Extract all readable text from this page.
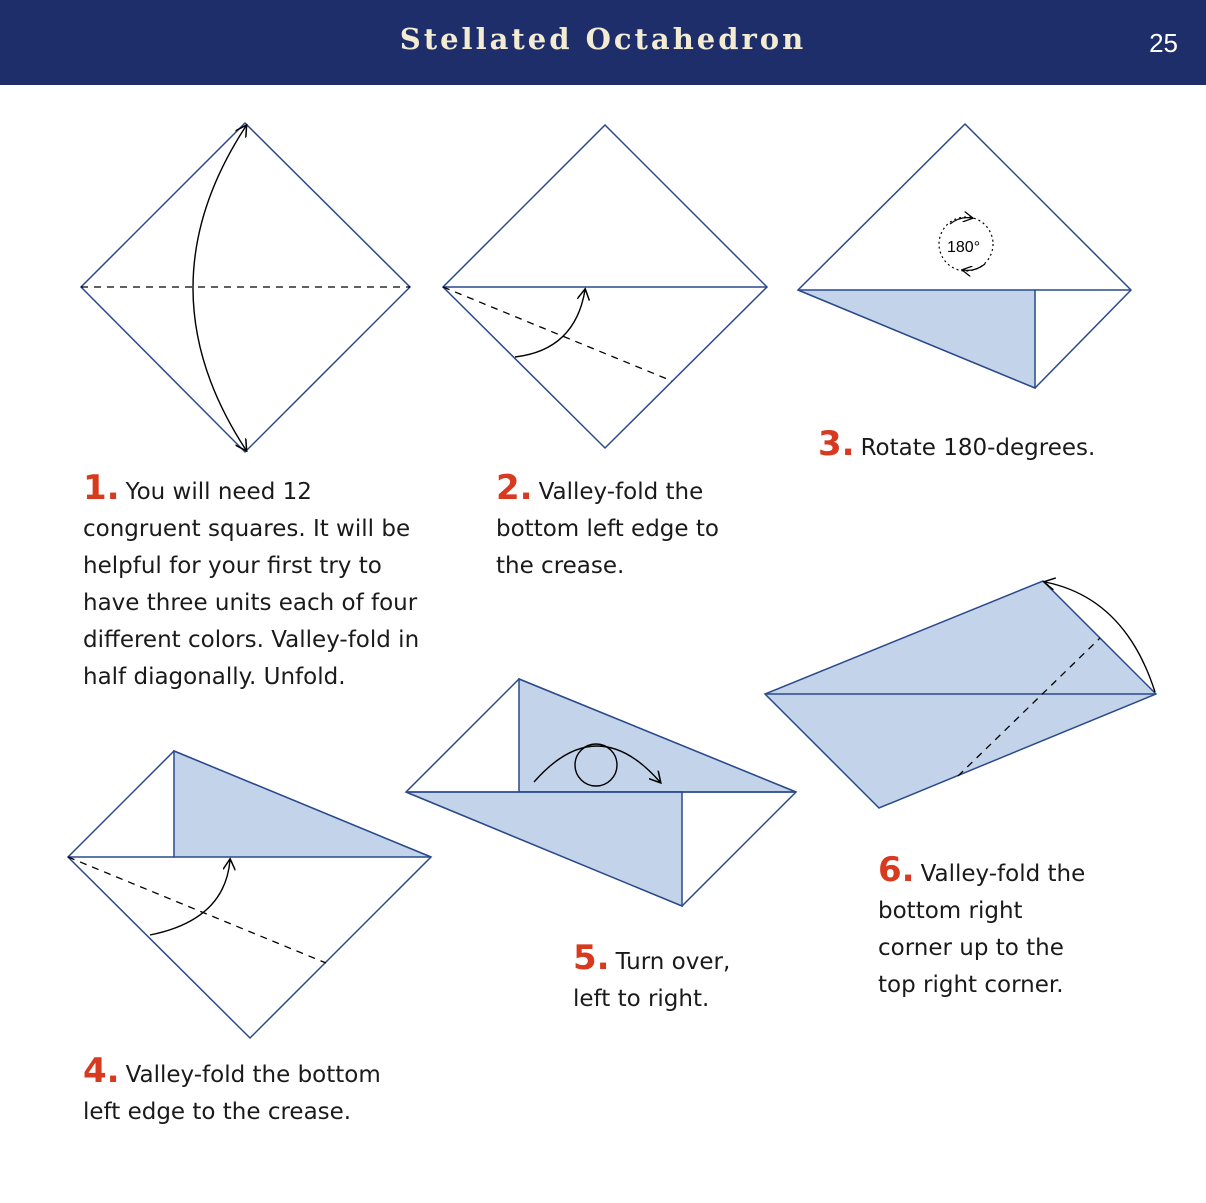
Stellated Octahedron	25
180°
1. You will need 12 congruent squares. It will be helpful for your first try to have three units each of four different colors. Valley-fold in half diagonally. Unfold.
2. Valley-fold the bottom left edge to the crease.
3. Rotate 180-degrees.
4. Valley-fold the bottom left edge to the crease.
5. Turn over, left to right.
6. Valley-fold the bottom right corner up to the top right corner.
